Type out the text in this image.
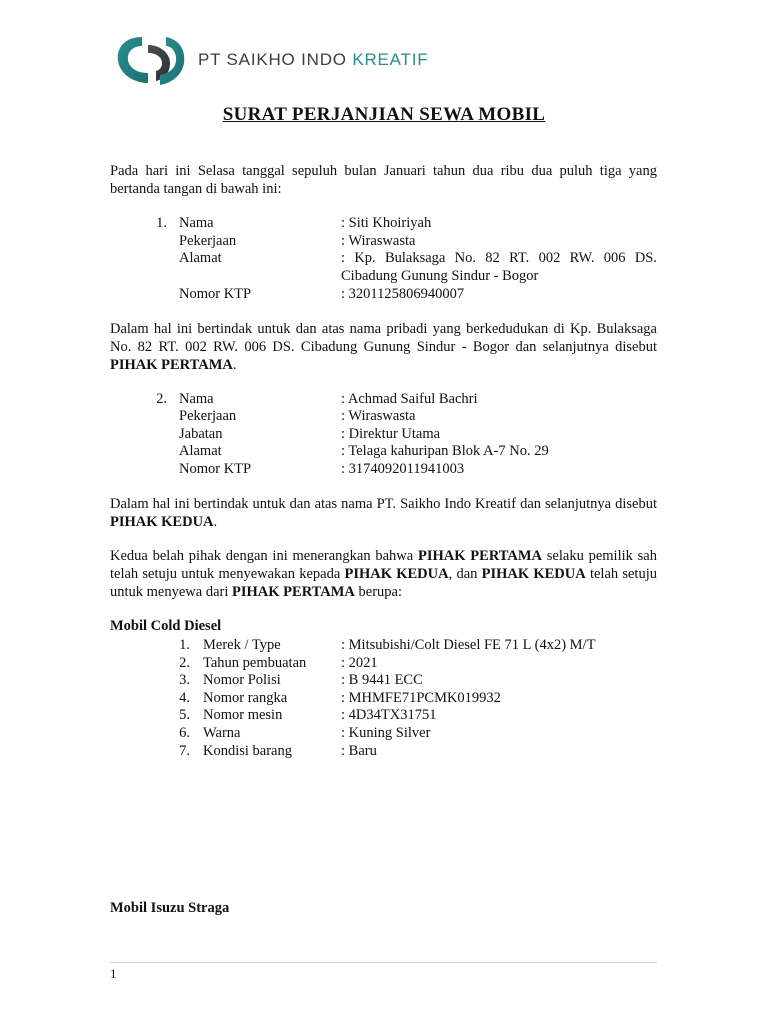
PT SAIKHO INDO KREATIF
SURAT PERJANJIAN SEWA MOBIL
Pada hari ini Selasa tanggal sepuluh bulan Januari tahun dua ribu dua puluh tiga yang bertanda tangan di bawah ini:
1. Nama	: Siti Khoiriyah
Pekerjaan	: Wiraswasta
Alamat	: Kp. Bulaksaga No. 82 RT. 002 RW. 006 DS. Cibadung Gunung Sindur - Bogor
Nomor KTP	: 3201125806940007
Dalam hal ini bertindak untuk dan atas nama pribadi yang berkedudukan di Kp. Bulaksaga No. 82 RT. 002 RW. 006 DS. Cibadung Gunung Sindur - Bogor dan selanjutnya disebut PIHAK PERTAMA.
2. Nama	: Achmad Saiful Bachri
Pekerjaan	: Wiraswasta
Jabatan	: Direktur Utama
Alamat	: Telaga kahuripan Blok A-7 No. 29
Nomor KTP	: 3174092011941003
Dalam hal ini bertindak untuk dan atas nama PT. Saikho Indo Kreatif dan selanjutnya disebut PIHAK KEDUA.
Kedua belah pihak dengan ini menerangkan bahwa PIHAK PERTAMA selaku pemilik sah telah setuju untuk menyewakan kepada PIHAK KEDUA, dan PIHAK KEDUA telah setuju untuk menyewa dari PIHAK PERTAMA berupa:
Mobil Cold Diesel
1. Merek / Type	: Mitsubishi/Colt Diesel FE 71 L (4x2) M/T
2. Tahun pembuatan : 2021
3. Nomor Polisi	: B 9441 ECC
4. Nomor rangka	: MHMFE71PCMK019932
5. Nomor mesin	: 4D34TX31751
6. Warna	: Kuning Silver
7. Kondisi barang	: Baru
Mobil Isuzu Straga
1
